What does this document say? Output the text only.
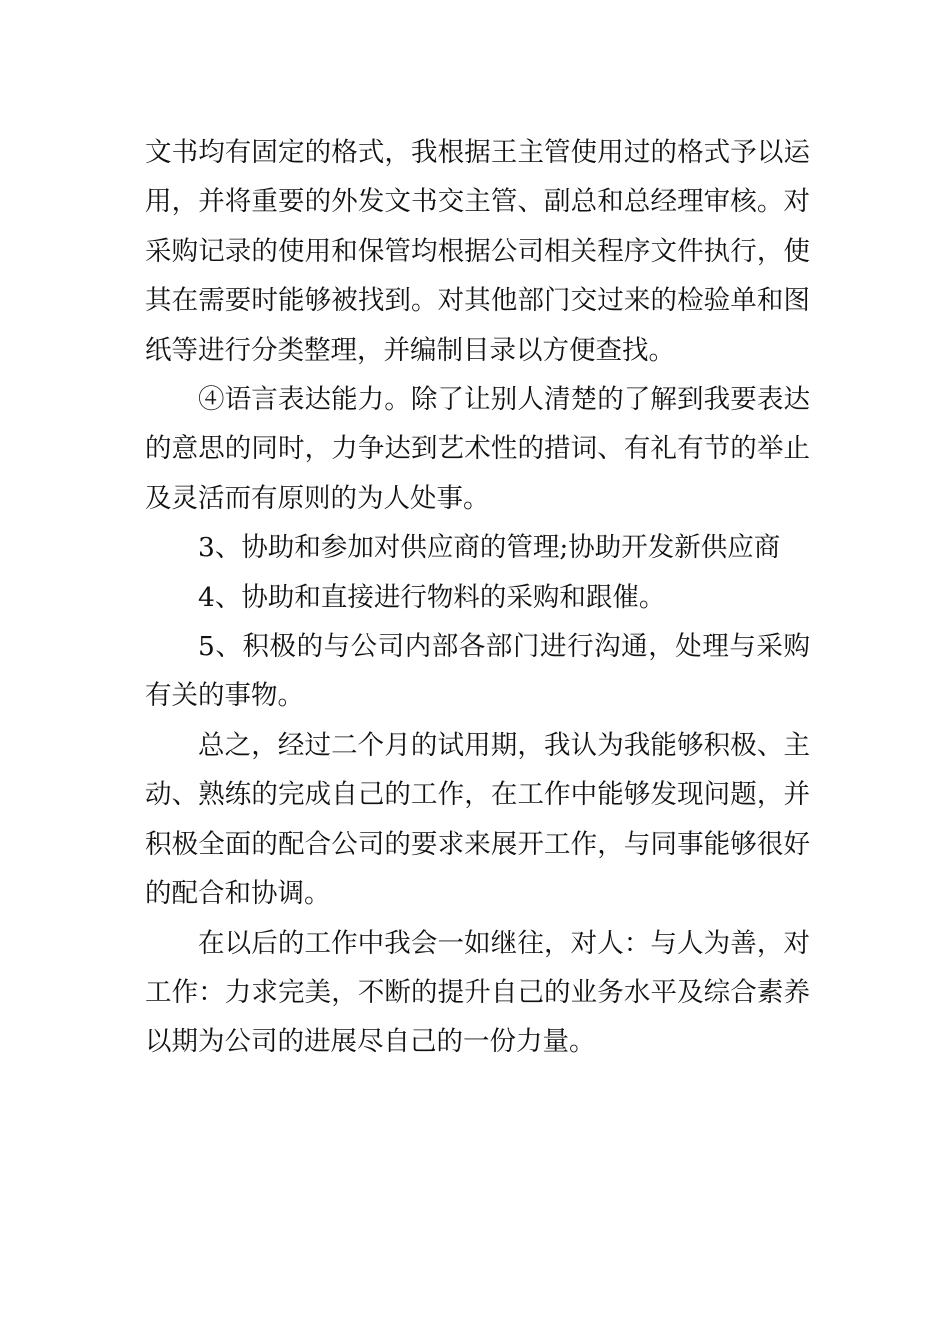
文书均有固定的格式，我根据王主管使用过的格式予以运用，并将重要的外发文书交主管、副总和总经理审核。对采购记录的使用和保管均根据公司相关程序文件执行，使其在需要时能够被找到。对其他部门交过来的检验单和图纸等进行分类整理，并编制目录以方便查找。

④语言表达能力。除了让别人清楚的了解到我要表达的意思的同时，力争达到艺术性的措词、有礼有节的举止及灵活而有原则的为人处事。

3、协助和参加对供应商的管理;协助开发新供应商

4、协助和直接进行物料的采购和跟催。

5、积极的与公司内部各部门进行沟通，处理与采购有关的事物。

总之，经过二个月的试用期，我认为我能够积极、主动、熟练的完成自己的工作，在工作中能够发现问题，并积极全面的配合公司的要求来展开工作，与同事能够很好的配合和协调。

在以后的工作中我会一如继往，对人：与人为善，对工作：力求完美，不断的提升自己的业务水平及综合素养以期为公司的进展尽自己的一份力量。
